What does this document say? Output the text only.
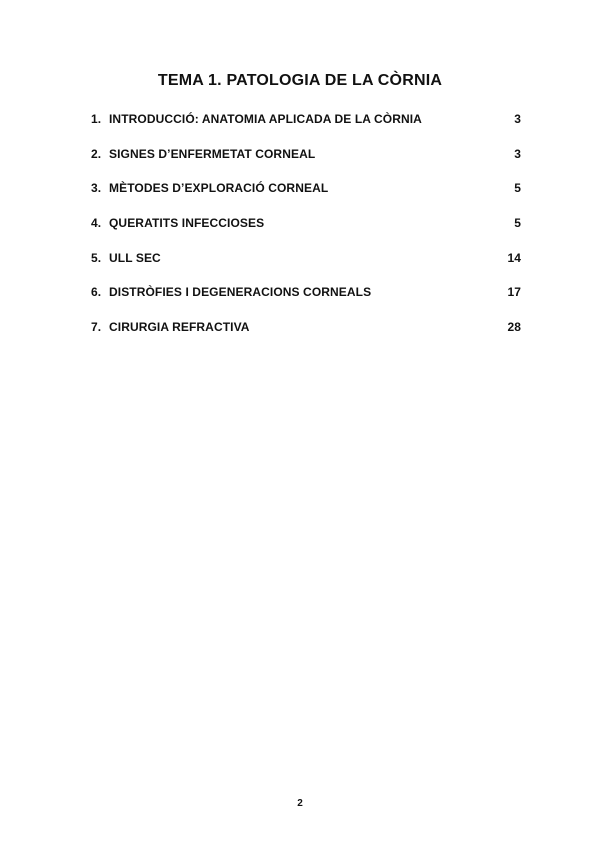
TEMA 1. PATOLOGIA DE LA CÒRNIA
1. INTRODUCCIÓ: ANATOMIA APLICADA DE LA CÒRNIA	3
2. SIGNES D’ENFERMETAT CORNEAL	3
3. MÈTODES D’EXPLORACIÓ CORNEAL	5
4. QUERATITS INFECCIOSES	5
5. ULL SEC	14
6. DISTRÒFIES I DEGENERACIONS CORNEALS	17
7. CIRURGIA REFRACTIVA	28
2
